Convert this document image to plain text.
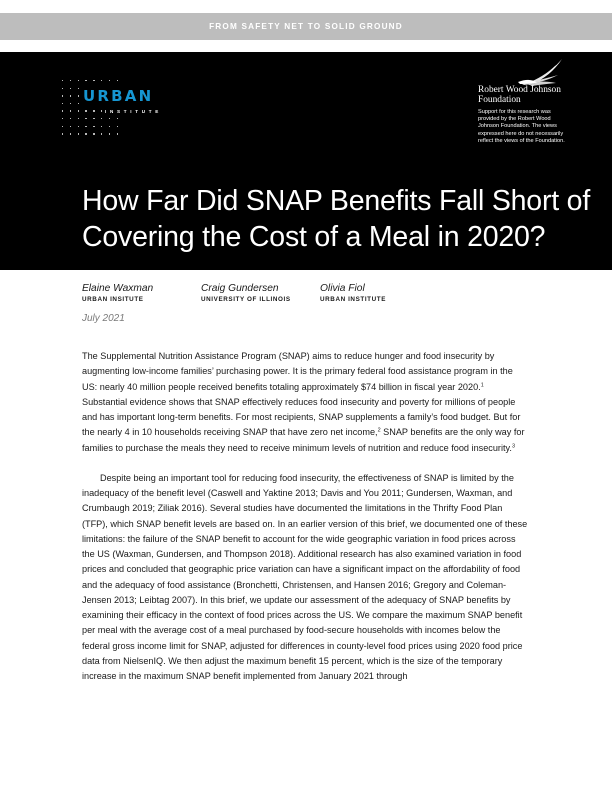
FROM SAFETY NET TO SOLID GROUND
URBAN
INSTITUTE
Robert Wood Johnson Foundation
Support for this research was provided by the Robert Wood Johnson Foundation. The views expressed here do not necessarily reflect the views of the Foundation.
How Far Did SNAP Benefits Fall Short of Covering the Cost of a Meal in 2020?
Elaine Waxman
URBAN INSITUTE
Craig Gundersen
UNIVERSITY OF ILLINOIS
Olivia Fiol
URBAN INSTITUTE
July 2021

The Supplemental Nutrition Assistance Program (SNAP) aims to reduce hunger and food insecurity by augmenting low-income families’ purchasing power. It is the primary federal food assistance program in the US: nearly 40 million people received benefits totaling approximately $74 billion in fiscal year 2020.$^1$ Substantial evidence shows that SNAP effectively reduces food insecurity and poverty for millions of people and has important long-term benefits. For most recipients, SNAP supplements a family’s food budget. But for the nearly 4 in 10 households receiving SNAP that have zero net income,$^2$ SNAP benefits are the only way for families to purchase the meals they need to receive minimum levels of nutrition and reduce food insecurity.$^3$

Despite being an important tool for reducing food insecurity, the effectiveness of SNAP is limited by the inadequacy of the benefit level (Caswell and Yaktine 2013; Davis and You 2011; Gundersen, Waxman, and Crumbaugh 2019; Ziliak 2016). Several studies have documented the limitations in the Thrifty Food Plan (TFP), which SNAP benefit levels are based on. In an earlier version of this brief, we documented one of these limitations: the failure of the SNAP benefit to account for the wide geographic variation in food prices across the US (Waxman, Gundersen, and Thompson 2018). Additional research has also examined variation in food prices and concluded that geographic price variation can have a significant impact on the affordability of food and the adequacy of food assistance (Bronchetti, Christensen, and Hansen 2016; Gregory and Coleman-Jensen 2013; Leibtag 2007). In this brief, we update our assessment of the adequacy of SNAP benefits by examining their efficacy in the context of food prices across the US. We compare the maximum SNAP benefit per meal with the average cost of a meal purchased by food-secure households with incomes below the federal gross income limit for SNAP, adjusted for differences in county-level food prices using 2020 food price data from NielsenIQ. We then adjust the maximum benefit 15 percent, which is the size of the temporary increase in the maximum SNAP benefit implemented from January 2021 through
